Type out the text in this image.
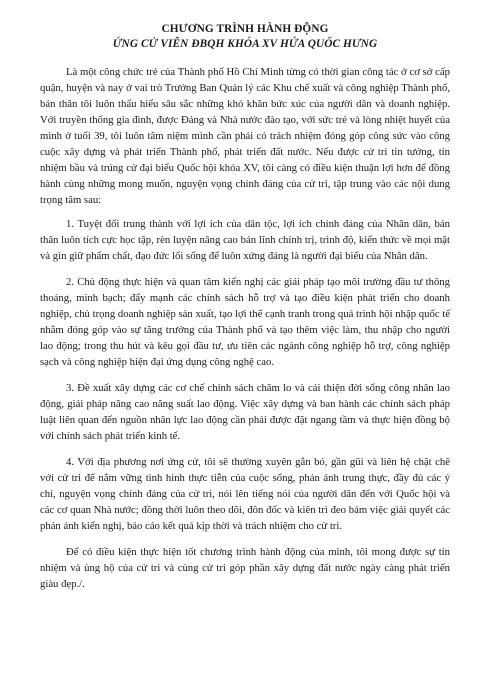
CHƯƠNG TRÌNH HÀNH ĐỘNG

ỨNG CỬ VIÊN ĐBQH KHÓA XV HỨA QUỐC HƯNG

Là một công chức trẻ của Thành phố Hồ Chí Minh từng có thời gian công tác ở cơ sở cấp quận, huyện và nay ở vai trò Trưởng Ban Quản lý các Khu chế xuất và công nghiệp Thành phố, bản thân tôi luôn thấu hiểu sâu sắc những khó khăn bức xúc của người dân và doanh nghiệp. Với truyền thống gia đình, được Đảng và Nhà nước đào tạo, với sức trẻ và lòng nhiệt huyết của mình ở tuổi 39, tôi luôn tâm niệm mình cần phải có trách nhiệm đóng góp công sức vào công cuộc xây dựng và phát triển Thành phố, phát triển đất nước. Nếu được cử tri tin tưởng, tín nhiệm bầu và trúng cử đại biểu Quốc hội khóa XV, tôi càng có điều kiện thuận lợi hơn để đồng hành cùng những mong muốn, nguyện vọng chính đáng của cử tri, tập trung vào các nội dung trọng tâm sau:

1. Tuyệt đối trung thành với lợi ích của dân tộc, lợi ích chính đáng của Nhân dân, bản thân luôn tích cực học tập, rèn luyện nâng cao bản lĩnh chính trị, trình độ, kiến thức về mọi mặt và gìn giữ phẩm chất, đạo đức lối sống để luôn xứng đáng là người đại biểu của Nhân dân.

2. Chủ động thực hiện và quan tâm kiến nghị các giải pháp tạo môi trường đầu tư thông thoáng, minh bạch; đẩy mạnh các chính sách hỗ trợ và tạo điều kiện phát triển cho doanh nghiệp, chủ trọng doanh nghiệp sản xuất, tạo lợi thế cạnh tranh trong quá trình hội nhập quốc tế nhằm đóng góp vào sự tăng trưởng của Thành phố và tạo thêm việc làm, thu nhập cho người lao động; trong thu hút và kêu gọi đầu tư, ưu tiên các ngành công nghiệp hỗ trợ, công nghiệp sạch và công nghiệp hiện đại ứng dụng công nghệ cao.

3. Đề xuất xây dựng các cơ chế chính sách chăm lo và cải thiện đời sống công nhân lao động, giải pháp nâng cao năng suất lao động. Việc xây dựng và ban hành các chính sách pháp luật liên quan đến nguồn nhân lực lao động cần phải được đặt ngang tầm và thực hiện đồng bộ với chính sách phát triển kinh tế.

4. Với địa phương nơi ứng cử, tôi sẽ thường xuyên gắn bó, gần gũi và liên hệ chặt chẽ với cử tri để nắm vững tình hình thực tiễn của cuộc sống, phản ánh trung thực, đầy đủ các ý chí, nguyện vọng chính đáng của cử tri, nói lên tiếng nói của người dân đến với Quốc hội và các cơ quan Nhà nước; đồng thời luôn theo dõi, đôn đốc và kiên trì đeo bám việc giải quyết các phản ánh kiến nghị, báo cáo kết quả kịp thời và trách nhiệm cho cử tri.

Để có điều kiện thực hiện tốt chương trình hành động của mình, tôi mong được sự tín nhiệm và ủng hộ của cử tri và cùng cử tri góp phần xây dựng đất nước ngày càng phát triển giàu đẹp./.
